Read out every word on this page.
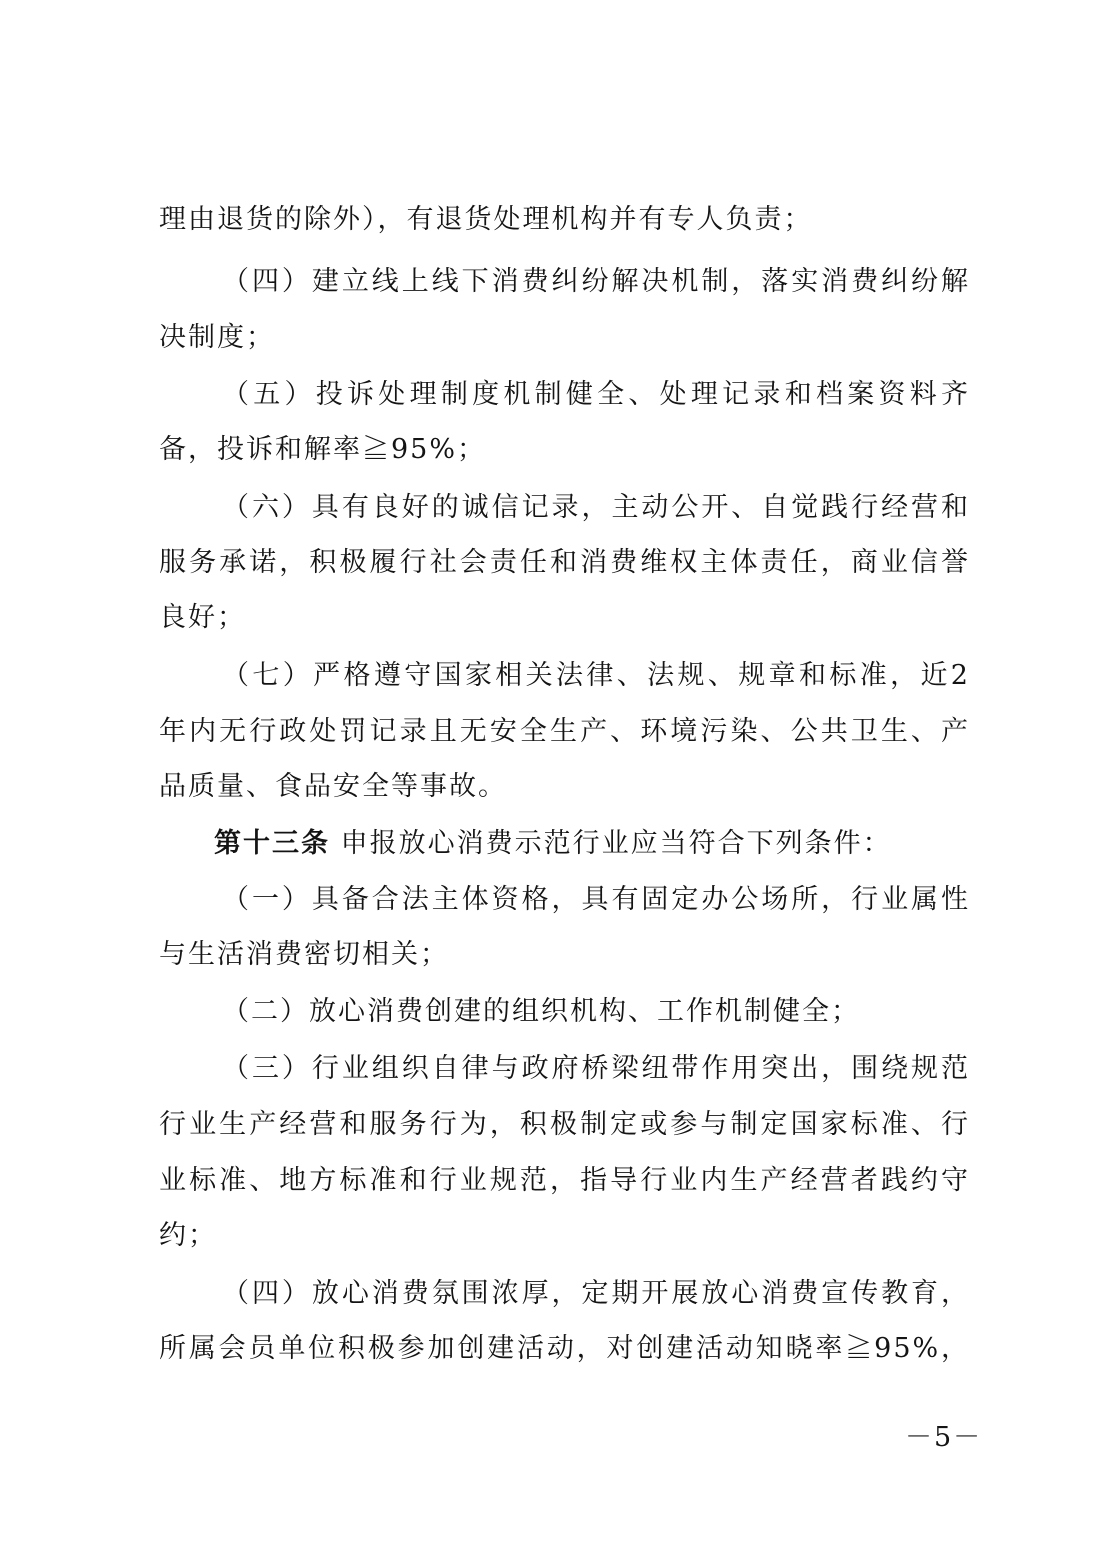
理由退货的除外），有退货处理机构并有专人负责；
（四）建立线上线下消费纠纷解决机制，落实消费纠纷解
决制度；
（五）投诉处理制度机制健全、处理记录和档案资料齐
备，投诉和解率≧95%；
（六）具有良好的诚信记录，主动公开、自觉践行经营和
服务承诺，积极履行社会责任和消费维权主体责任，商业信誉
良好；
（七）严格遵守国家相关法律、法规、规章和标准，近2
年内无行政处罚记录且无安全生产、环境污染、公共卫生、产
品质量、食品安全等事故。
第十三条 申报放心消费示范行业应当符合下列条件：
（一）具备合法主体资格，具有固定办公场所，行业属性
与生活消费密切相关；
（二）放心消费创建的组织机构、工作机制健全；
（三）行业组织自律与政府桥梁纽带作用突出，围绕规范
行业生产经营和服务行为，积极制定或参与制定国家标准、行
业标准、地方标准和行业规范，指导行业内生产经营者践约守
约；
（四）放心消费氛围浓厚，定期开展放心消费宣传教育，
所属会员单位积极参加创建活动，对创建活动知晓率≧95%，
－5－
